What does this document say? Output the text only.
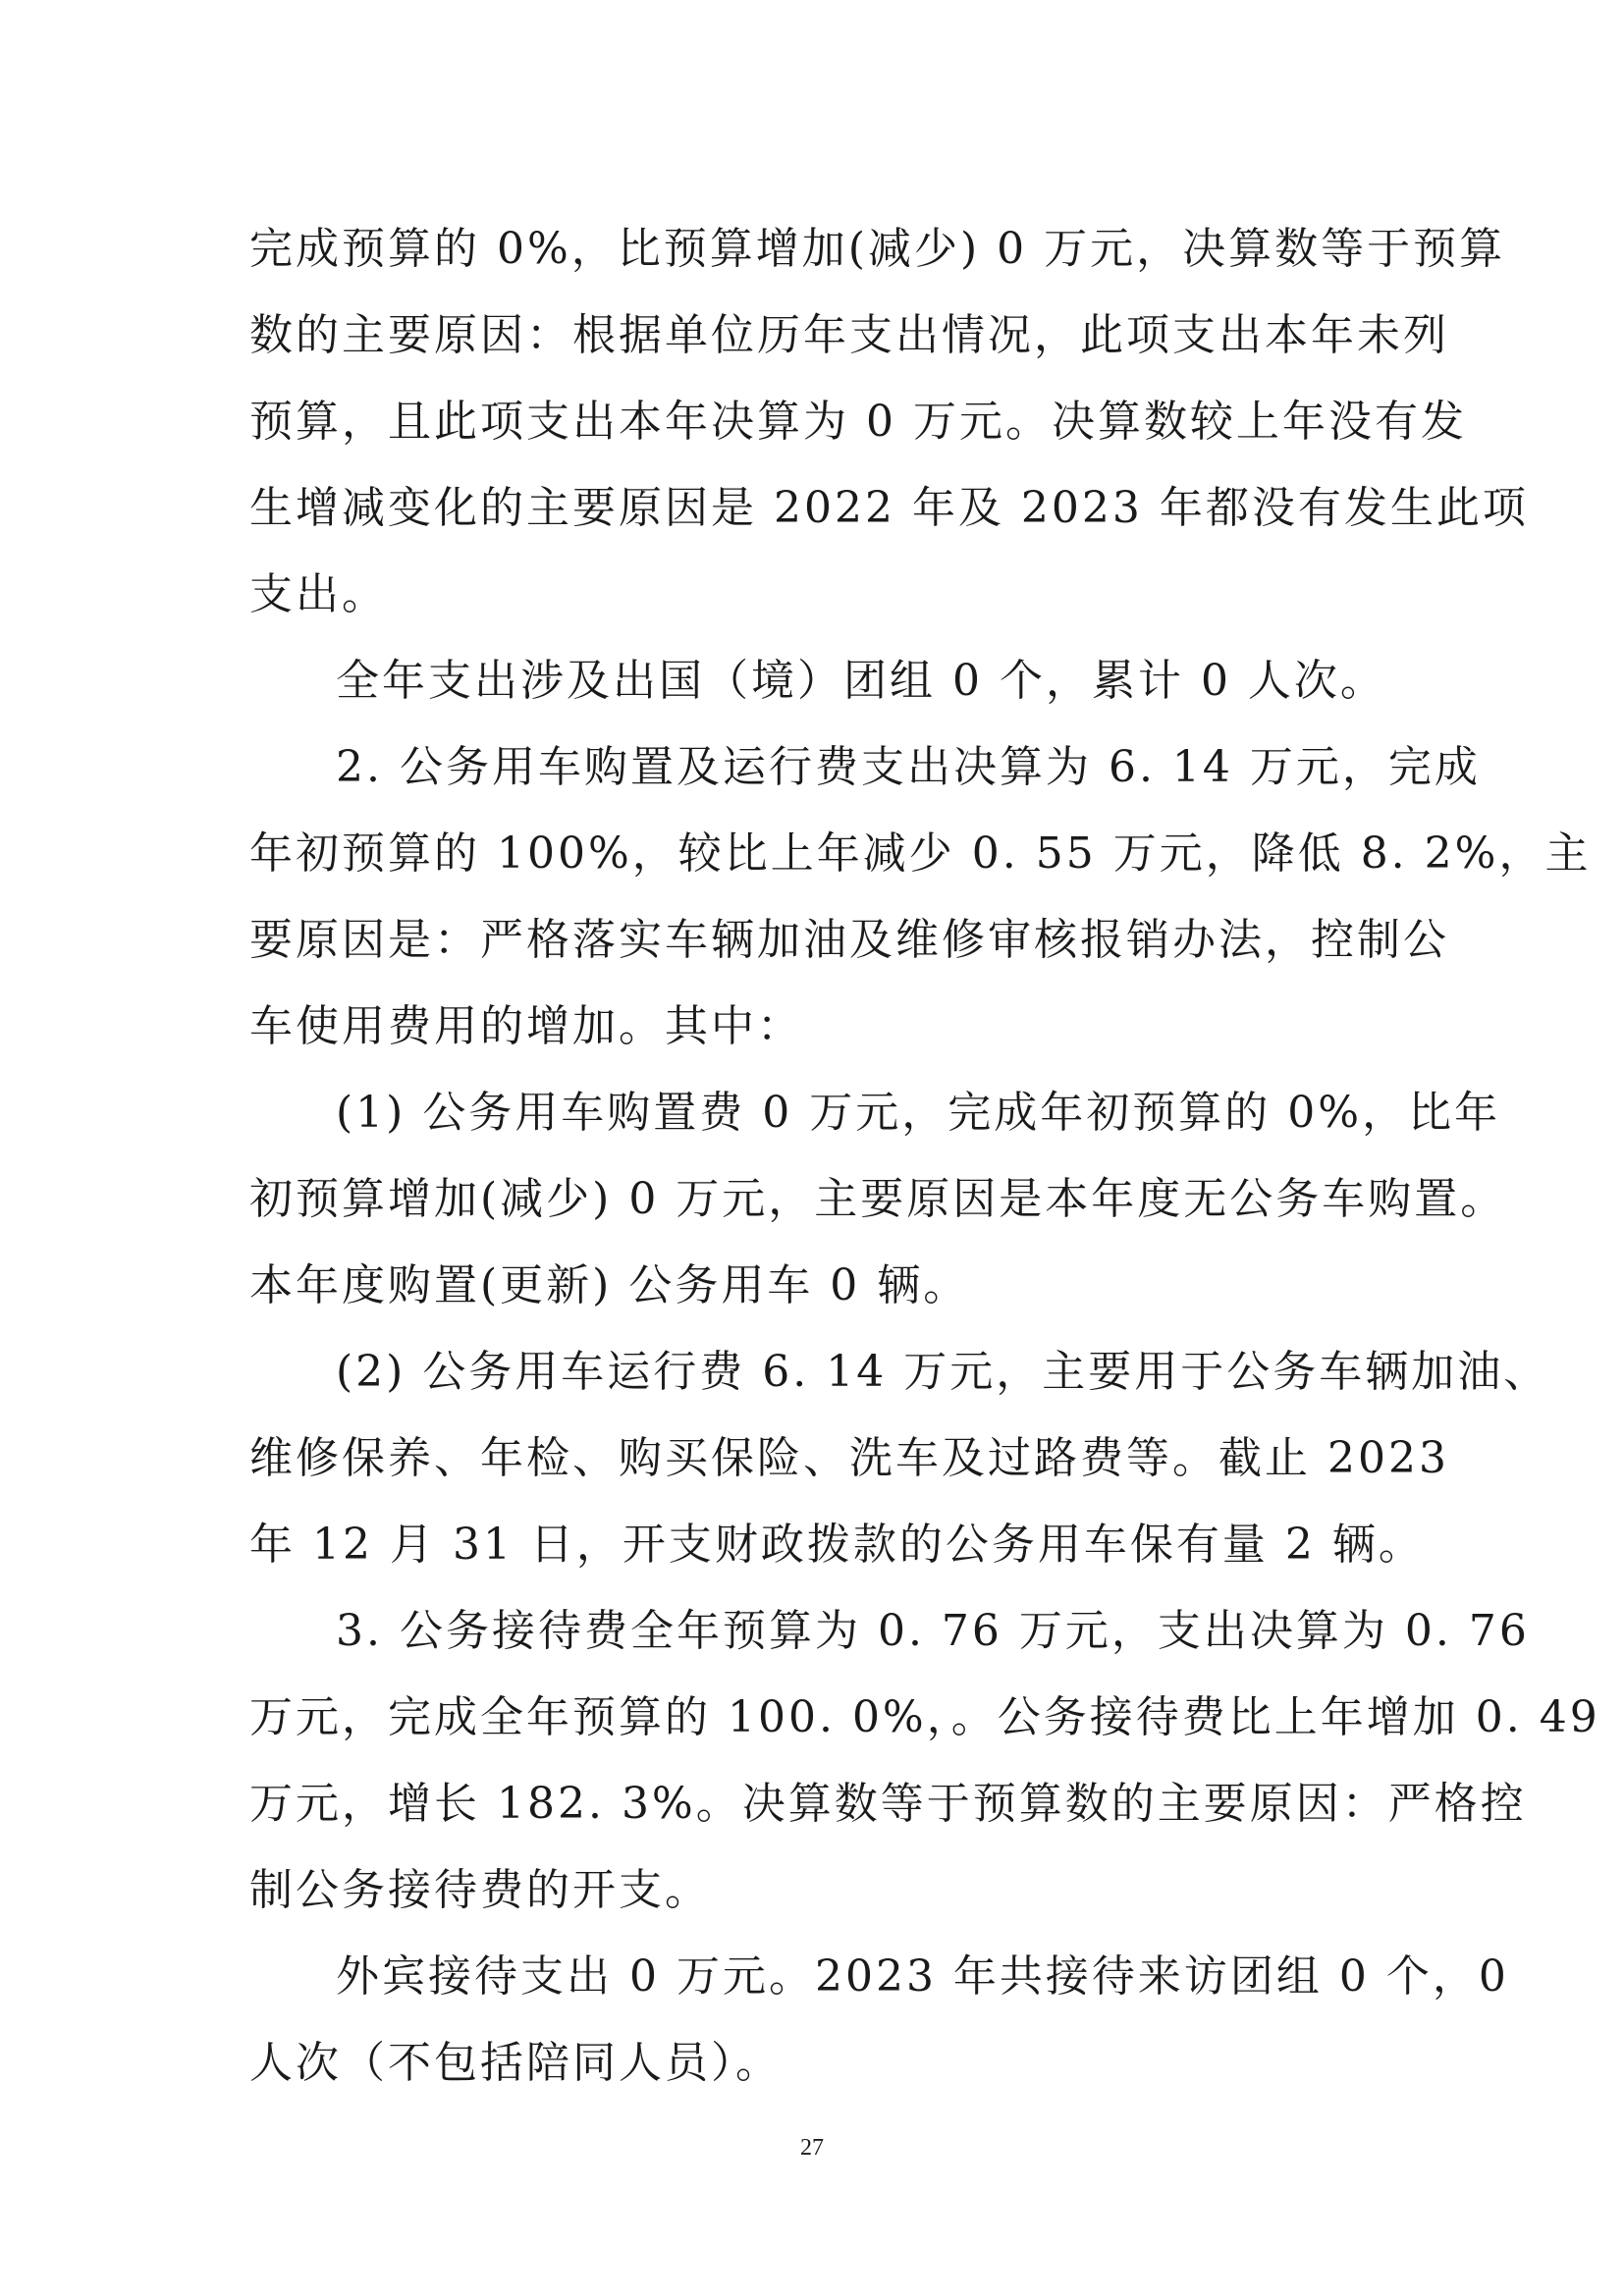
完成预算的 0%，比预算增加(减少) 0 万元，决算数等于预算
数的主要原因：根据单位历年支出情况，此项支出本年未列
预算，且此项支出本年决算为 0 万元。决算数较上年没有发
生增减变化的主要原因是 2022 年及 2023 年都没有发生此项
支出。
全年支出涉及出国（境）团组 0 个，累计 0 人次。
2. 公务用车购置及运行费支出决算为 6. 14 万元，完成
年初预算的 100%，较比上年减少 0. 55 万元，降低 8. 2%，主
要原因是：严格落实车辆加油及维修审核报销办法，控制公
车使用费用的增加。其中：
(1) 公务用车购置费 0 万元，完成年初预算的 0%，比年
初预算增加(减少) 0 万元，主要原因是本年度无公务车购置。
本年度购置(更新) 公务用车 0 辆。
(2) 公务用车运行费 6. 14 万元，主要用于公务车辆加油、
维修保养、年检、购买保险、洗车及过路费等。截止 2023
年 12 月 31 日，开支财政拨款的公务用车保有量 2 辆。
3. 公务接待费全年预算为 0. 76 万元，支出决算为 0. 76
万元，完成全年预算的 100. 0%，。公务接待费比上年增加 0. 49
万元，增长 182. 3%。决算数等于预算数的主要原因：严格控
制公务接待费的开支。
外宾接待支出 0 万元。2023 年共接待来访团组 0 个，0
人次（不包括陪同人员）。
27
